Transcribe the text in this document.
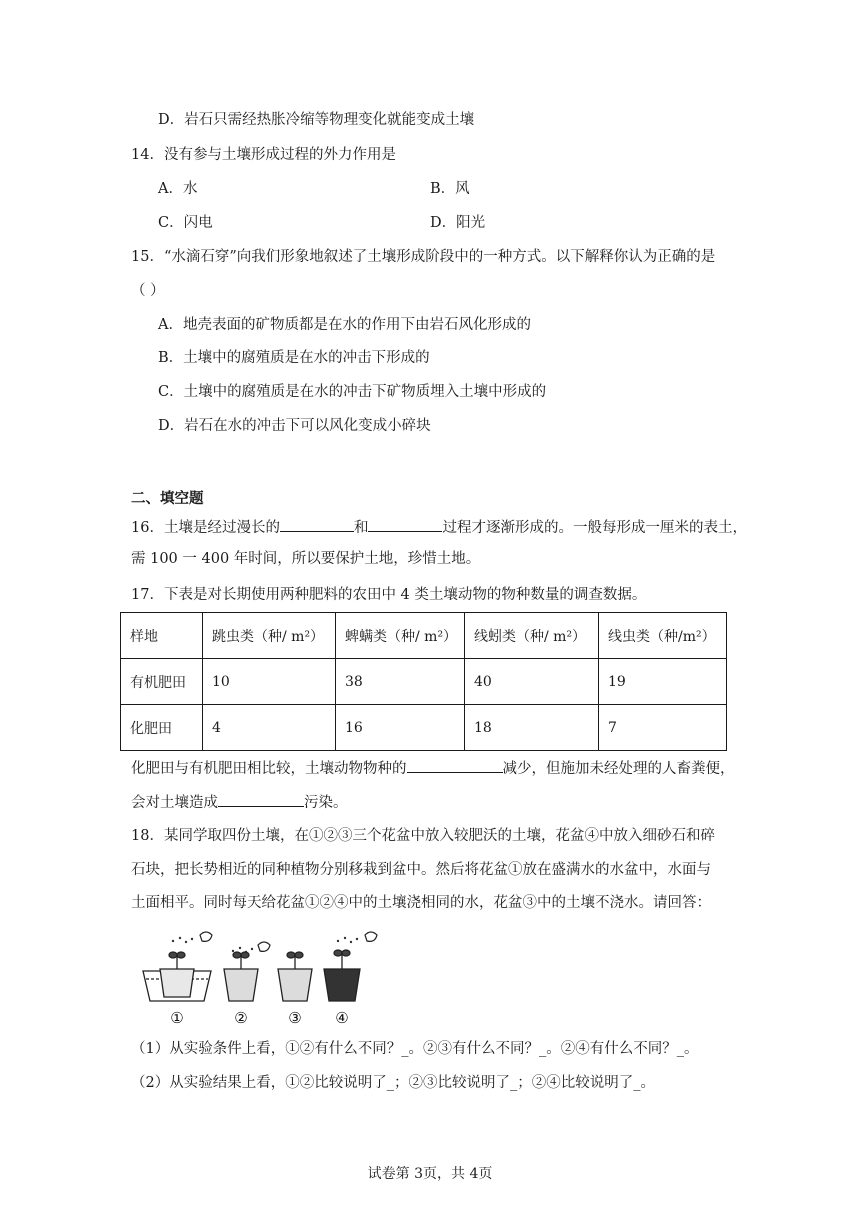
D．岩石只需经热胀冷缩等物理变化就能变成土壤
14．没有参与土壤形成过程的外力作用是
A．水	B．风
C．闪电	D．阳光
15．“水滴石穿”向我们形象地叙述了土壤形成阶段中的一种方式。以下解释你认为正确的是
（ ）
A．地壳表面的矿物质都是在水的作用下由岩石风化形成的
B．土壤中的腐殖质是在水的冲击下形成的
C．土壤中的腐殖质是在水的冲击下矿物质埋入土壤中形成的
D．岩石在水的冲击下可以风化变成小碎块
二、填空题
16．土壤是经过漫长的	和	过程才逐渐形成的。一般每形成一厘米的表土，
需 100 一 400 年时间，所以要保护土地，珍惜土地。
17．下表是对长期使用两种肥料的农田中 4 类土壤动物的物种数量的调查数据。
样地	跳虫类（种/ m²）	蜱螨类（种/ m²）	线蚓类（种/ m²）	线虫类（种/m²）
有机肥田	10	38	40	19
化肥田	4	16	18	7
化肥田与有机肥田相比较，土壤动物物种的	减少，但施加未经处理的人畜粪便，
会对土壤造成	污染。
18．某同学取四份土壤，在①②③三个花盆中放入较肥沃的土壤，花盆④中放入细砂石和碎
石块，把长势相近的同种植物分别移栽到盆中。然后将花盆①放在盛满水的水盆中，水面与
土面相平。同时每天给花盆①②④中的土壤浇相同的水，花盆③中的土壤不浇水。请回答：
①	②	③ ④
（1）从实验条件上看，①②有什么不同？_。②③有什么不同？_。②④有什么不同？_。
（2）从实验结果上看，①②比较说明了_；②③比较说明了_；②④比较说明了_。
试卷第 3页，共 4页
